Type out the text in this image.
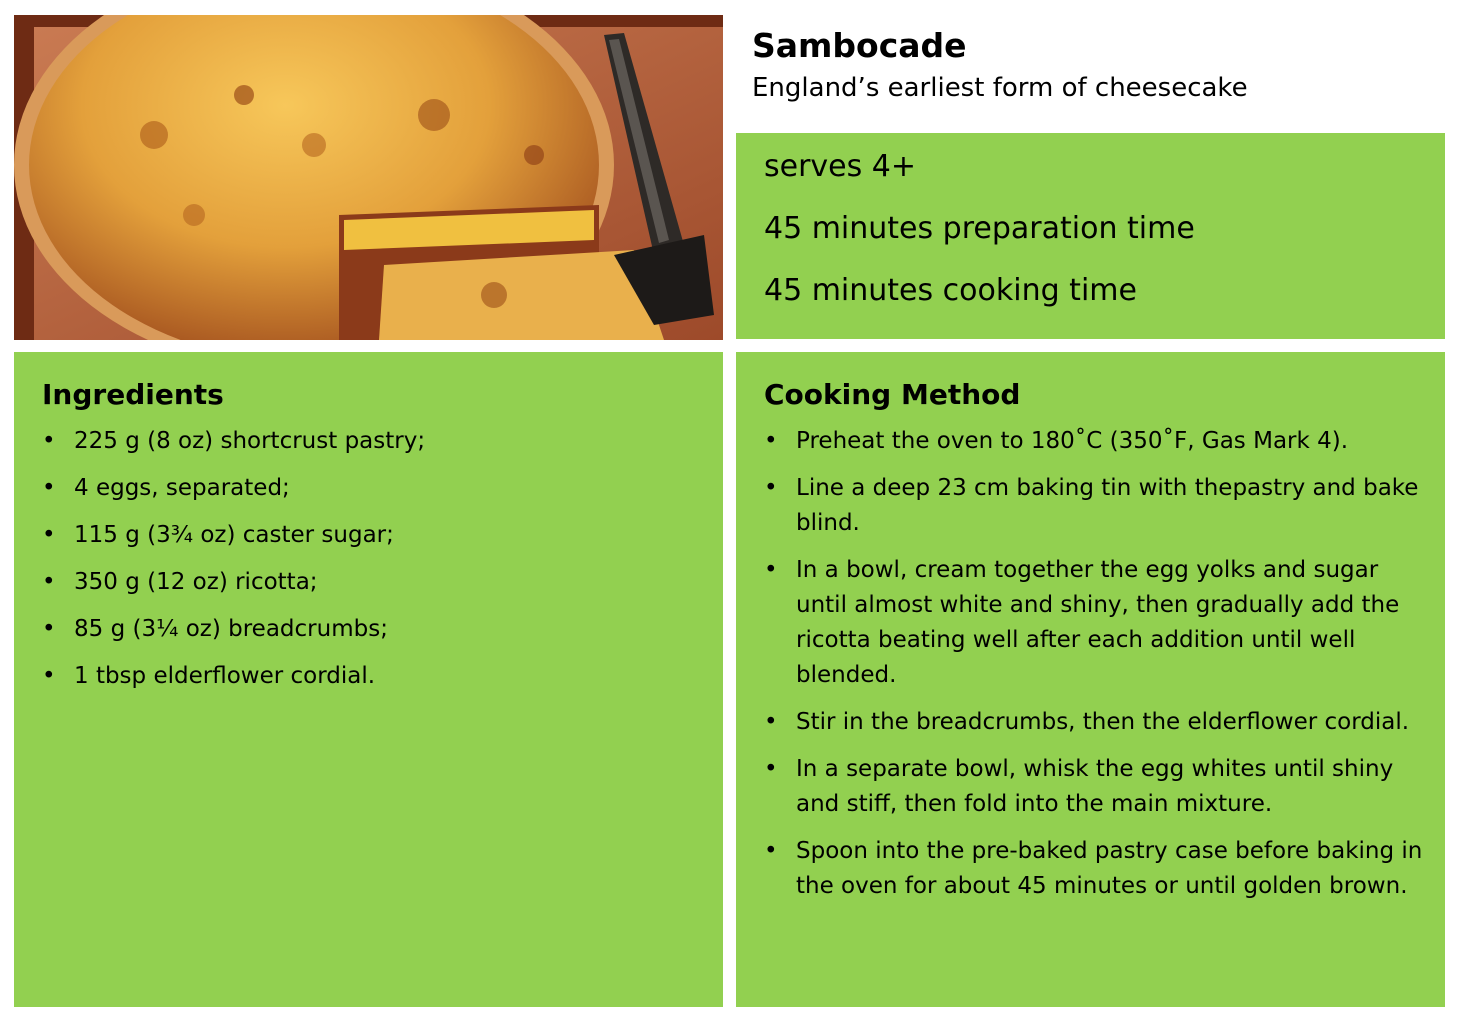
Sambocade

England’s earliest form of cheesecake

serves 4+

45 minutes preparation time

45 minutes cooking time

Ingredients
• 225 g (8 oz) shortcrust pastry;
• 4 eggs, separated;
• 115 g (3¾ oz) caster sugar;
• 350 g (12 oz) ricotta;
• 85 g (3¼ oz) breadcrumbs;
• 1 tbsp elderflower cordial.
Cooking Method
• Preheat the oven to 180˚C (350˚F, Gas Mark 4).
• Line a deep 23 cm baking tin with thepastry and bake blind.
• In a bowl, cream together the egg yolks and sugar until almost white and shiny, then gradually add the ricotta beating well after each addition until well blended.
• Stir in the breadcrumbs, then the elderflower cordial.
• In a separate bowl, whisk the egg whites until shiny and stiff, then fold into the main mixture.
• Spoon into the pre-baked pastry case before baking in the oven for about 45 minutes or until golden brown.
